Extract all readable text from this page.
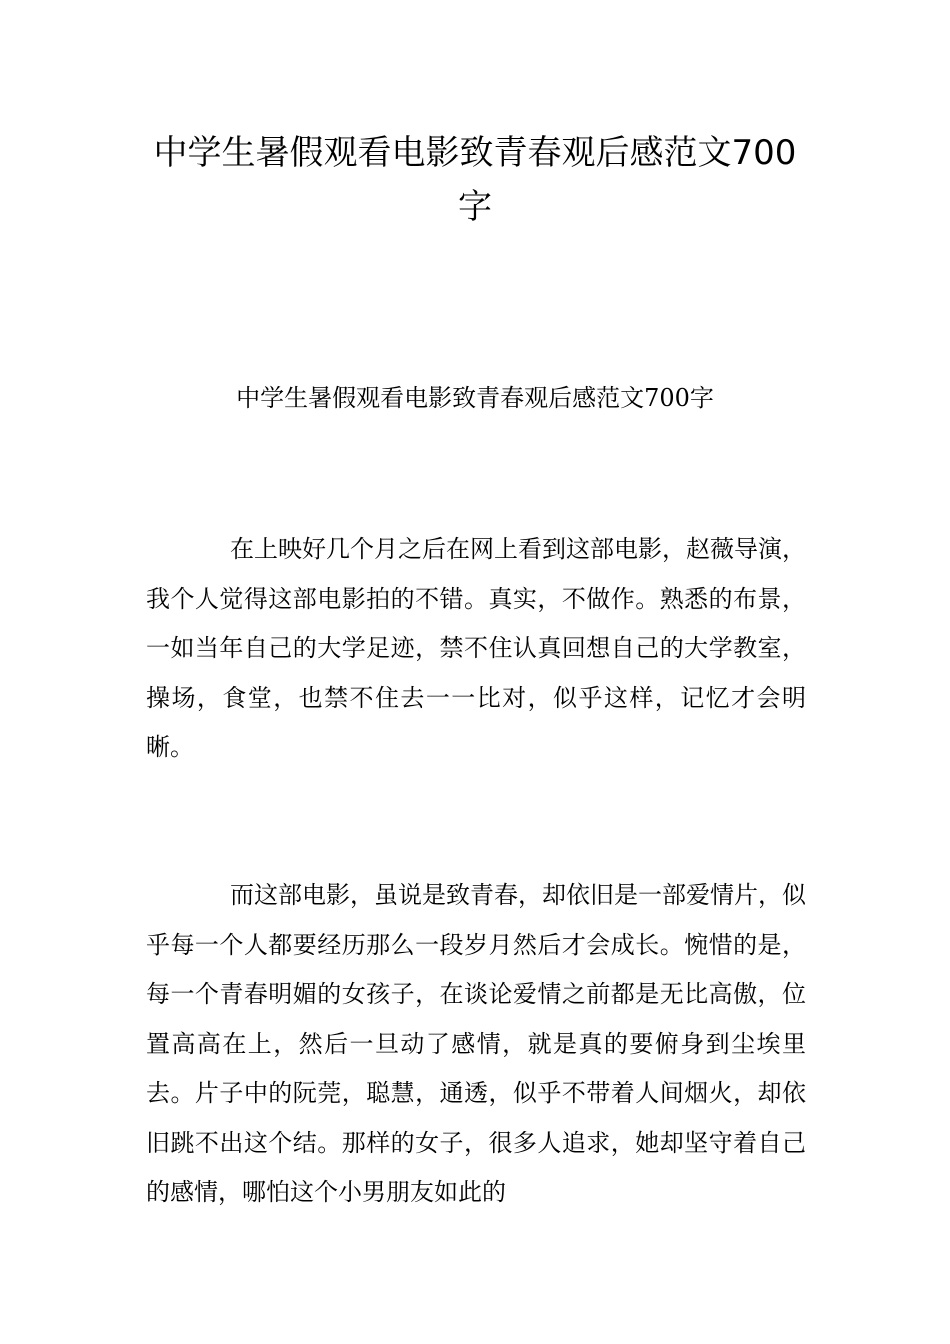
中学生暑假观看电影致青春观后感范文700字

中学生暑假观看电影致青春观后感范文700字

在上映好几个月之后在网上看到这部电影，赵薇导演，我个人觉得这部电影拍的不错。真实，不做作。熟悉的布景，一如当年自己的大学足迹，禁不住认真回想自己的大学教室，操场，食堂，也禁不住去一一比对，似乎这样，记忆才会明晰。

而这部电影，虽说是致青春，却依旧是一部爱情片，似乎每一个人都要经历那么一段岁月然后才会成长。惋惜的是，每一个青春明媚的女孩子，在谈论爱情之前都是无比高傲，位置高高在上，然后一旦动了感情，就是真的要俯身到尘埃里去。片子中的阮莞，聪慧，通透，似乎不带着人间烟火，却依旧跳不出这个结。那样的女子，很多人追求，她却坚守着自己的感情，哪怕这个小男朋友如此的
